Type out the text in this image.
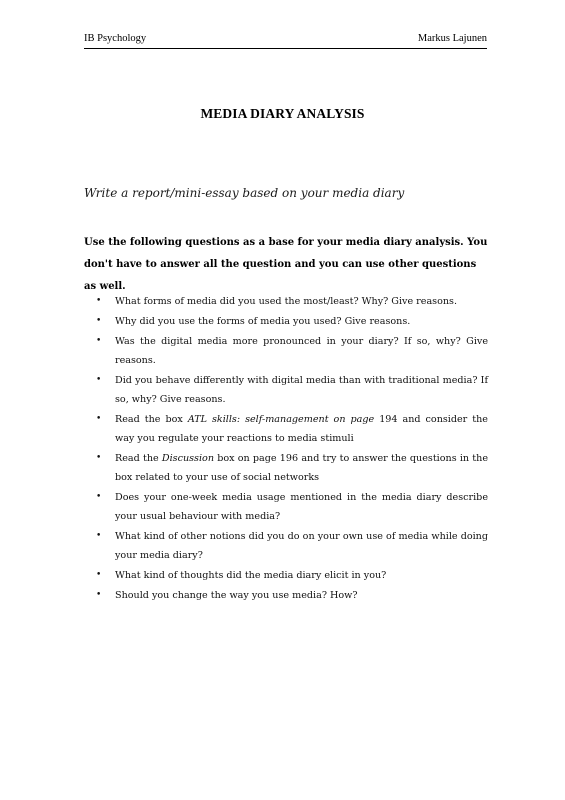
IB Psychology	Markus Lajunen
MEDIA DIARY ANALYSIS
Write a report/mini-essay based on your media diary
Use the following questions as a base for your media diary analysis. You don't have to answer all the question and you can use other questions as well.
• What forms of media did you used the most/least? Why? Give reasons.
• Why did you use the forms of media you used? Give reasons.
• Was the digital media more pronounced in your diary? If so, why? Give reasons.
• Did you behave differently with digital media than with traditional media? If so, why? Give reasons.
• Read the box ATL skills: self-management on page 194 and consider the way you regulate your reactions to media stimuli
• Read the Discussion box on page 196 and try to answer the questions in the box related to your use of social networks
• Does your one-week media usage mentioned in the media diary describe your usual behaviour with media?
• What kind of other notions did you do on your own use of media while doing your media diary?
• What kind of thoughts did the media diary elicit in you?
• Should you change the way you use media? How?
